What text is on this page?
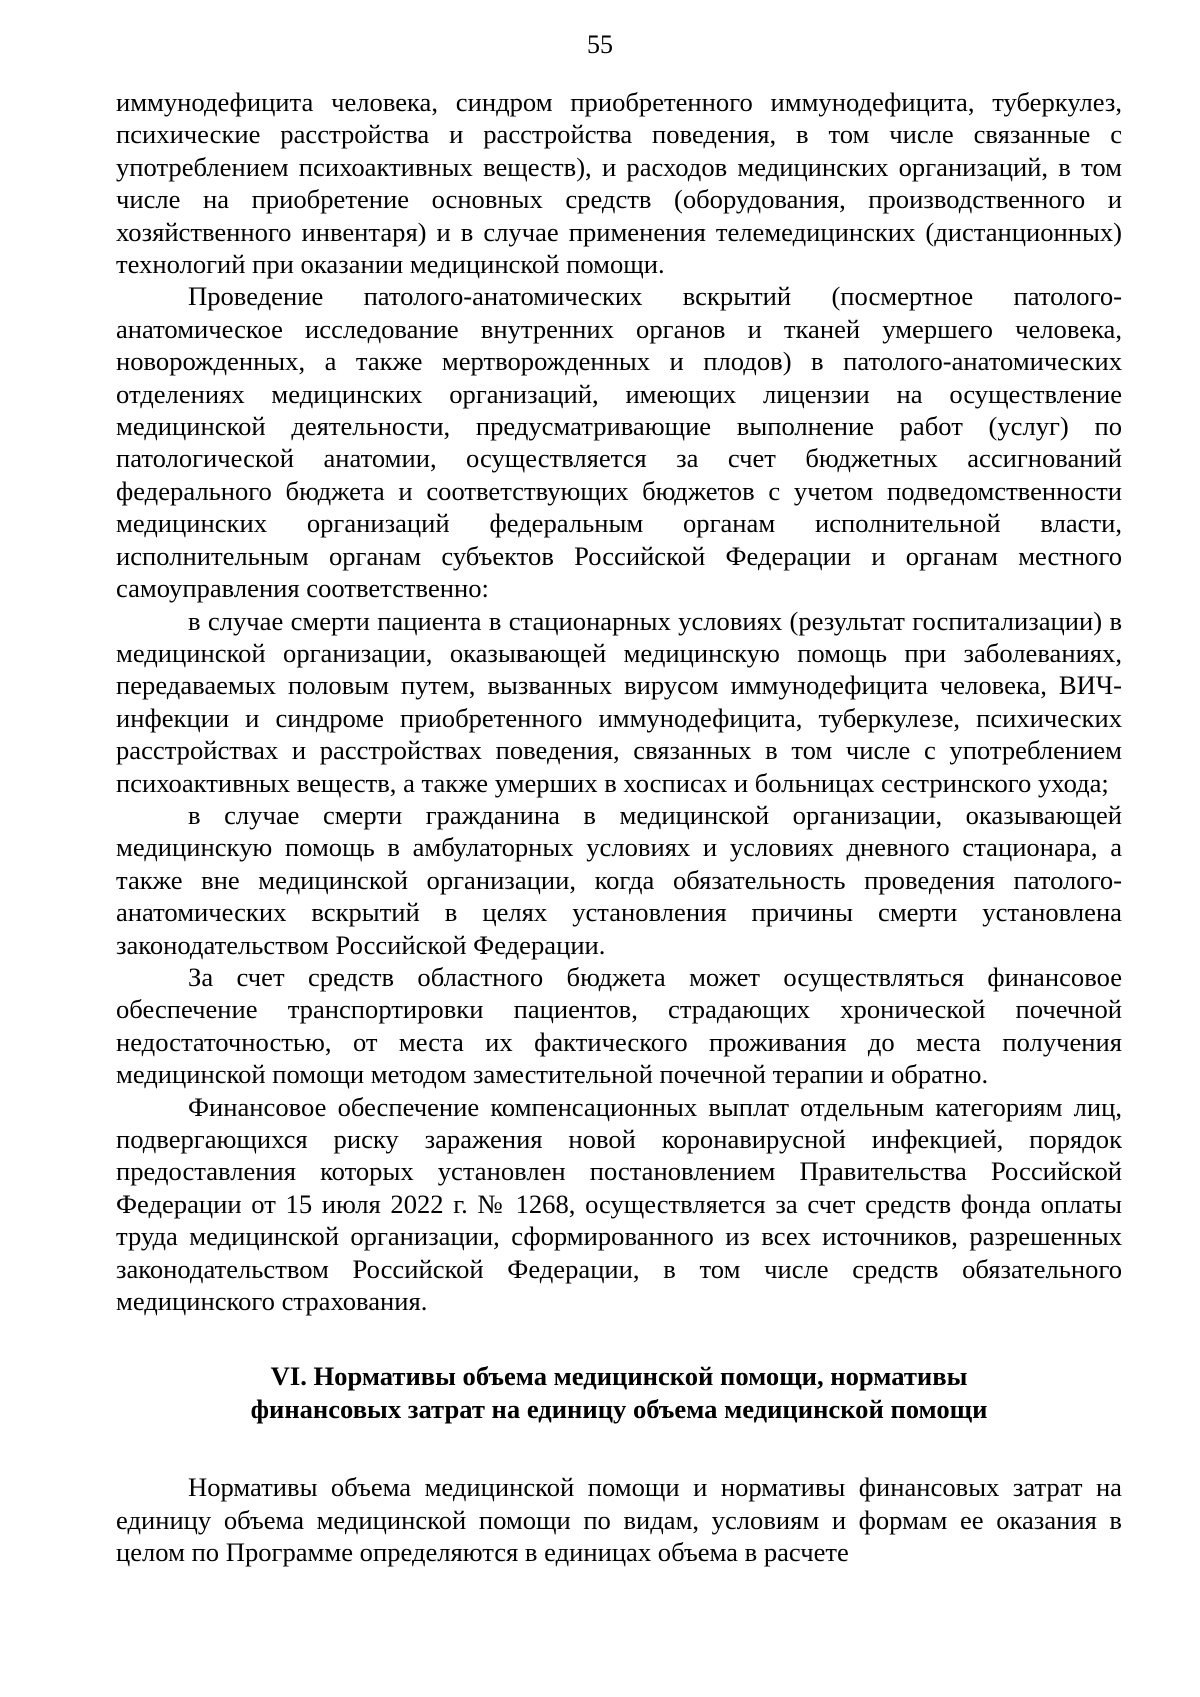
55

иммунодефицита человека, синдром приобретенного иммунодефицита, туберкулез, психические расстройства и расстройства поведения, в том числе связанные с употреблением психоактивных веществ), и расходов медицинских организаций, в том числе на приобретение основных средств (оборудования, производственного и хозяйственного инвентаря) и в случае применения телемедицинских (дистанционных) технологий при оказании медицинской помощи.

Проведение патолого-анатомических вскрытий (посмертное патолого-анатомическое исследование внутренних органов и тканей умершего человека, новорожденных, а также мертворожденных и плодов) в патолого-анатомических отделениях медицинских организаций, имеющих лицензии на осуществление медицинской деятельности, предусматривающие выполнение работ (услуг) по патологической анатомии, осуществляется за счет бюджетных ассигнований федерального бюджета и соответствующих бюджетов с учетом подведомственности медицинских организаций федеральным органам исполнительной власти, исполнительным органам субъектов Российской Федерации и органам местного самоуправления соответственно:

в случае смерти пациента в стационарных условиях (результат госпитализации) в медицинской организации, оказывающей медицинскую помощь при заболеваниях, передаваемых половым путем, вызванных вирусом иммунодефицита человека, ВИЧ-инфекции и синдроме приобретенного иммунодефицита, туберкулезе, психических расстройствах и расстройствах поведения, связанных в том числе с употреблением психоактивных веществ, а также умерших в хосписах и больницах сестринского ухода;

в случае смерти гражданина в медицинской организации, оказывающей медицинскую помощь в амбулаторных условиях и условиях дневного стационара, а также вне медицинской организации, когда обязательность проведения патолого-анатомических вскрытий в целях установления причины смерти установлена законодательством Российской Федерации.

За счет средств областного бюджета может осуществляться финансовое обеспечение транспортировки пациентов, страдающих хронической почечной недостаточностью, от места их фактического проживания до места получения медицинской помощи методом заместительной почечной терапии и обратно.

Финансовое обеспечение компенсационных выплат отдельным категориям лиц, подвергающихся риску заражения новой коронавирусной инфекцией, порядок предоставления которых установлен постановлением Правительства Российской Федерации от 15 июля 2022 г. № 1268, осуществляется за счет средств фонда оплаты труда медицинской организации, сформированного из всех источников, разрешенных законодательством Российской Федерации, в том числе средств обязательного медицинского страхования.

VI. Нормативы объема медицинской помощи, нормативы
финансовых затрат на единицу объема медицинской помощи

Нормативы объема медицинской помощи и нормативы финансовых затрат на единицу объема медицинской помощи по видам, условиям и формам ее оказания в целом по Программе определяются в единицах объема в расчете
